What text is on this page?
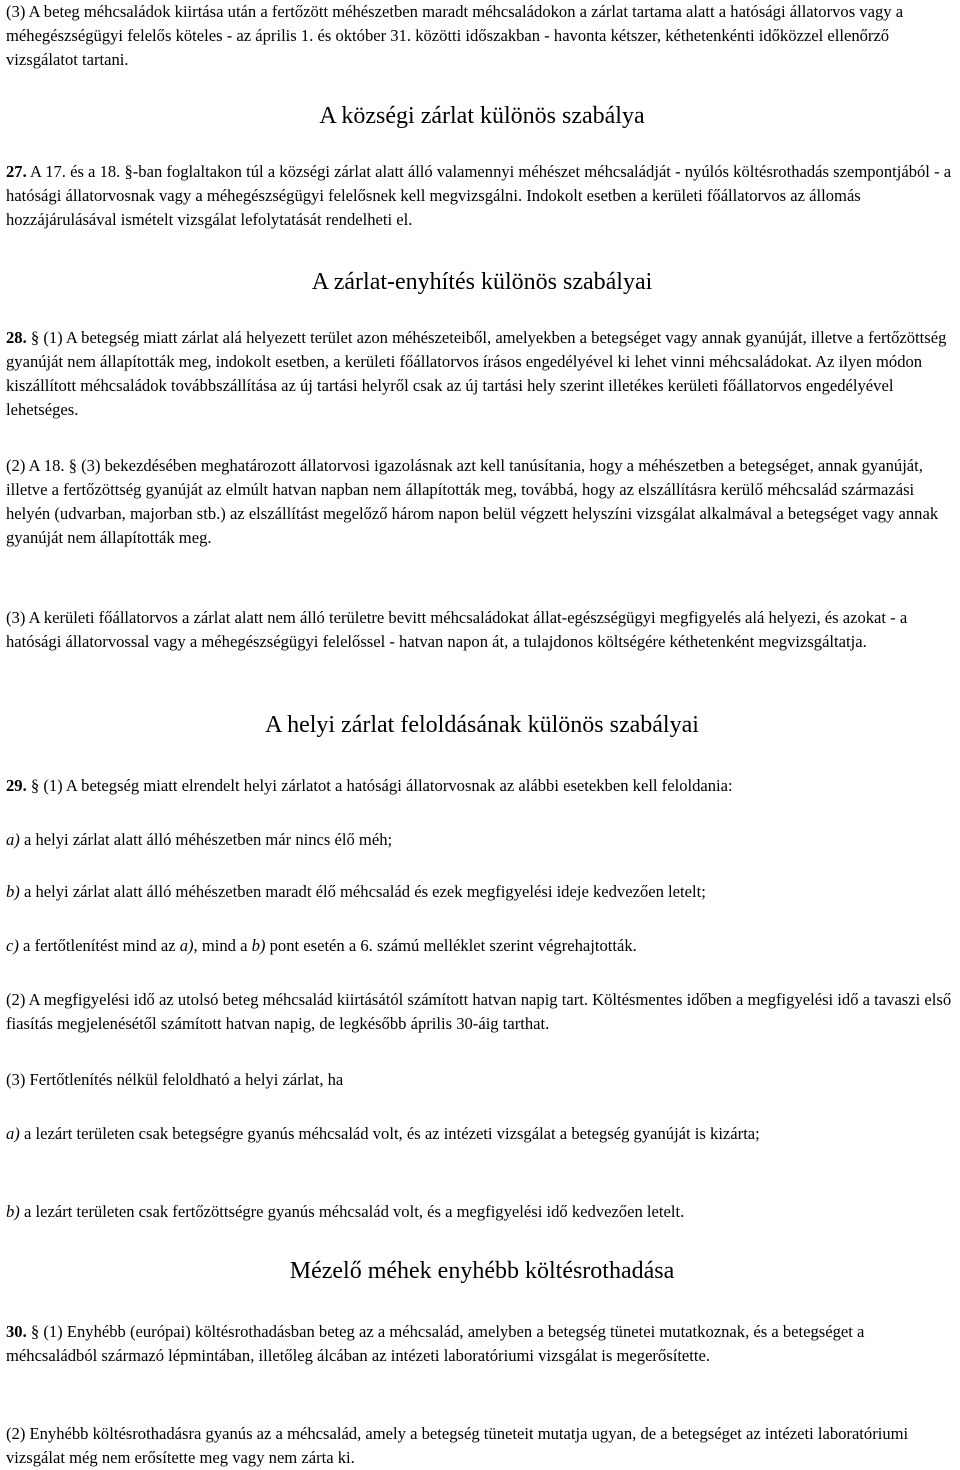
(3) A beteg méhcsaládok kiirtása után a fertőzött méhészetben maradt méhcsaládokon a zárlat tartama alatt a hatósági állatorvos vagy a méhegészségügyi felelős köteles - az április 1. és október 31. közötti időszakban - havonta kétszer, kéthetenkénti időközzel ellenőrző vizsgálatot tartani.

A községi zárlat különös szabálya

27. A 17. és a 18. §-ban foglaltakon túl a községi zárlat alatt álló valamennyi méhészet méhcsaládját - nyúlós költésrothadás szempontjából - a hatósági állatorvosnak vagy a méhegészségügyi felelősnek kell megvizsgálni. Indokolt esetben a kerületi főállatorvos az állomás hozzájárulásával ismételt vizsgálat lefolytatását rendelheti el.

A zárlat-enyhítés különös szabályai

28. § (1) A betegség miatt zárlat alá helyezett terület azon méhészeteiből, amelyekben a betegséget vagy annak gyanúját, illetve a fertőzöttség gyanúját nem állapították meg, indokolt esetben, a kerületi főállatorvos írásos engedélyével ki lehet vinni méhcsaládokat. Az ilyen módon kiszállított méhcsaládok továbbszállítása az új tartási helyről csak az új tartási hely szerint illetékes kerületi főállatorvos engedélyével lehetséges.

(2) A 18. § (3) bekezdésében meghatározott állatorvosi igazolásnak azt kell tanúsítania, hogy a méhészetben a betegséget, annak gyanúját, illetve a fertőzöttség gyanúját az elmúlt hatvan napban nem állapították meg, továbbá, hogy az elszállításra kerülő méhcsalád származási helyén (udvarban, majorban stb.) az elszállítást megelőző három napon belül végzett helyszíni vizsgálat alkalmával a betegséget vagy annak gyanúját nem állapították meg.

(3) A kerületi főállatorvos a zárlat alatt nem álló területre bevitt méhcsaládokat állat-egészségügyi megfigyelés alá helyezi, és azokat - a hatósági állatorvossal vagy a méhegészségügyi felelőssel - hatvan napon át, a tulajdonos költségére kéthetenként megvizsgáltatja.

A helyi zárlat feloldásának különös szabályai

29. § (1) A betegség miatt elrendelt helyi zárlatot a hatósági állatorvosnak az alábbi esetekben kell feloldania:

a) a helyi zárlat alatt álló méhészetben már nincs élő méh;

b) a helyi zárlat alatt álló méhészetben maradt élő méhcsalád és ezek megfigyelési ideje kedvezően letelt;

c) a fertőtlenítést mind az a), mind a b) pont esetén a 6. számú melléklet szerint végrehajtották.

(2) A megfigyelési idő az utolsó beteg méhcsalád kiirtásától számított hatvan napig tart. Költésmentes időben a megfigyelési idő a tavaszi első fiasítás megjelenésétől számított hatvan napig, de legkésőbb április 30-áig tarthat.

(3) Fertőtlenítés nélkül feloldható a helyi zárlat, ha

a) a lezárt területen csak betegségre gyanús méhcsalád volt, és az intézeti vizsgálat a betegség gyanúját is kizárta;

b) a lezárt területen csak fertőzöttségre gyanús méhcsalád volt, és a megfigyelési idő kedvezően letelt.

Mézelő méhek enyhébb költésrothadása

30. § (1) Enyhébb (európai) költésrothadásban beteg az a méhcsalád, amelyben a betegség tünetei mutatkoznak, és a betegséget a méhcsaládból származó lépmintában, illetőleg álcában az intézeti laboratóriumi vizsgálat is megerősítette.

(2) Enyhébb költésrothadásra gyanús az a méhcsalád, amely a betegség tüneteit mutatja ugyan, de a betegséget az intézeti laboratóriumi vizsgálat még nem erősítette meg vagy nem zárta ki.
